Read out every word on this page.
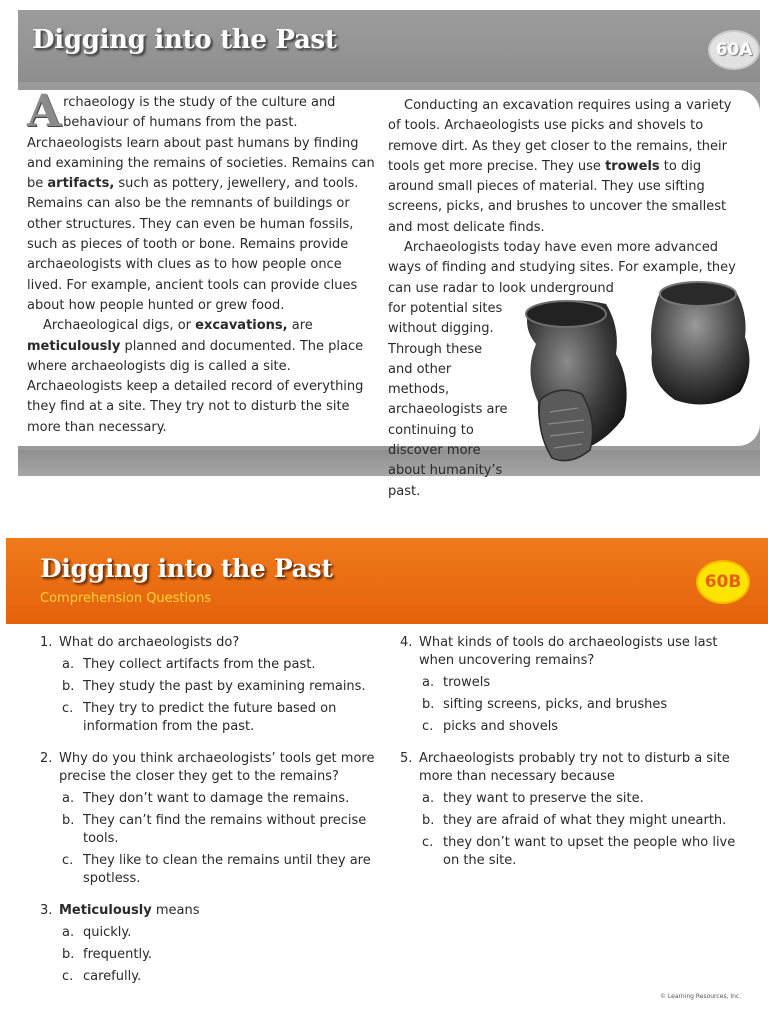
Digging into the Past	60A

Archaeology is the study of the culture and behaviour of humans from the past. Archaeologists learn about past humans by finding and examining the remains of societies. Remains can be artifacts, such as pottery, jewellery, and tools. Remains can also be the remnants of buildings or other structures. They can even be human fossils, such as pieces of tooth or bone. Remains provide archaeologists with clues as to how people once lived. For example, ancient tools can provide clues about how people hunted or grew food.

Archaeological digs, or excavations, are meticulously planned and documented. The place where archaeologists dig is called a site. Archaeologists keep a detailed record of everything they find at a site. They try not to disturb the site more than necessary.

Conducting an excavation requires using a variety of tools. Archaeologists use picks and shovels to remove dirt. As they get closer to the remains, their tools get more precise. They use trowels to dig around small pieces of material. They use sifting screens, picks, and brushes to uncover the smallest and most delicate finds.

Archaeologists today have even more advanced ways of finding and studying sites. For example, they can use radar to look underground

for potential sites without digging. Through these and other methods, archaeologists are continuing to discover more about humanity’s past.

Digging into the Past
Comprehension Questions
60B
1. What do archaeologists do?
a. They collect artifacts from the past.
b. They study the past by examining remains.
c. They try to predict the future based on information from the past.
2. Why do you think archaeologists’ tools get more precise the closer they get to the remains?
a. They don’t want to damage the remains.
b. They can’t find the remains without precise tools.
c. They like to clean the remains until they are spotless.
3. Meticulously means
a. quickly.
b. frequently.
c. carefully.
4. What kinds of tools do archaeologists use last when uncovering remains?
a. trowels
b. sifting screens, picks, and brushes
c. picks and shovels
5. Archaeologists probably try not to disturb a site more than necessary because
a. they want to preserve the site.
b. they are afraid of what they might unearth.
c. they don’t want to upset the people who live on the site.
© Learning Resources, Inc.
